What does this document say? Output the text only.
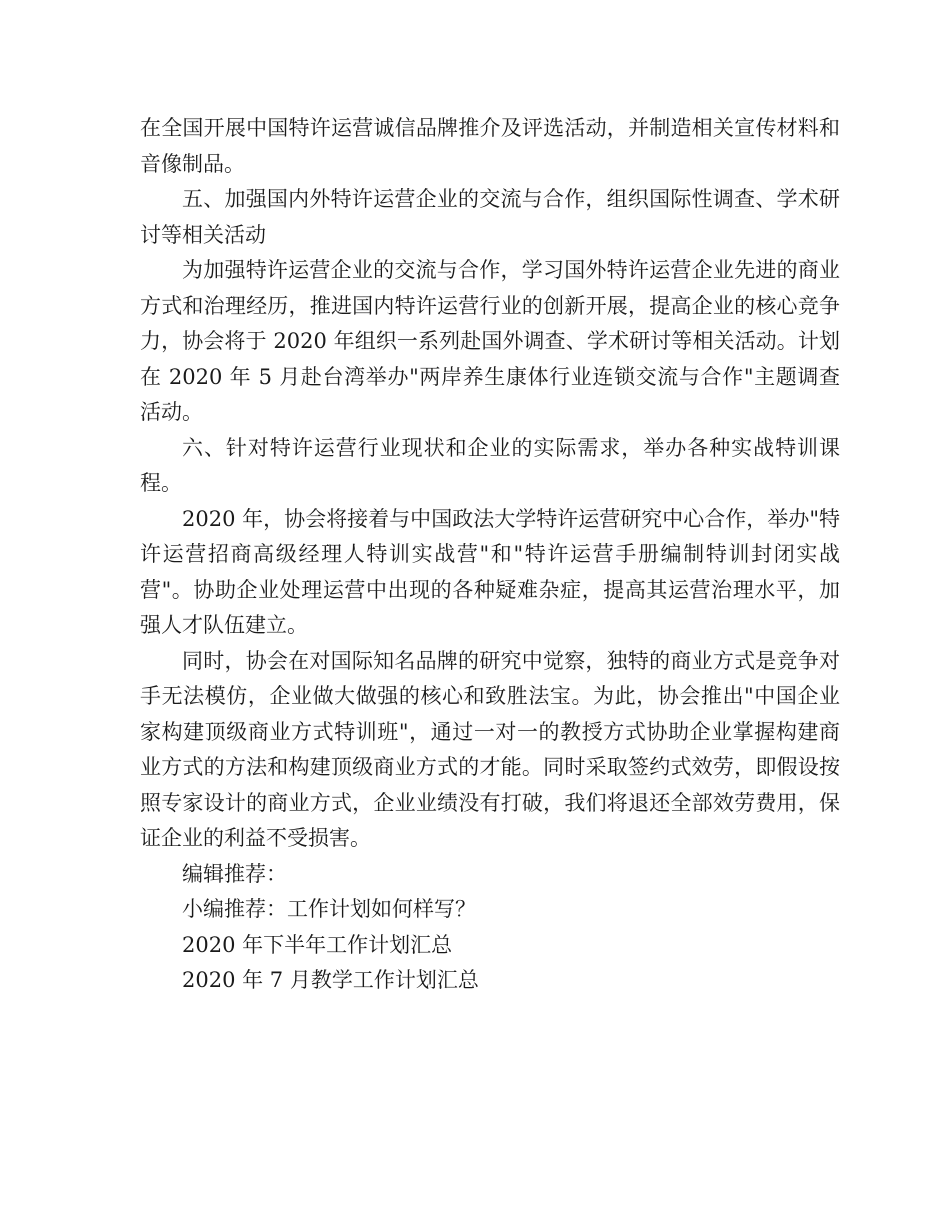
在全国开展中国特许运营诚信品牌推介及评选活动，并制造相关宣传材料和音像制品。

五、加强国内外特许运营企业的交流与合作，组织国际性调查、学术研讨等相关活动

为加强特许运营企业的交流与合作，学习国外特许运营企业先进的商业方式和治理经历，推进国内特许运营行业的创新开展，提高企业的核心竞争力，协会将于 2020 年组织一系列赴国外调查、学术研讨等相关活动。计划在 2020 年 5 月赴台湾举办"两岸养生康体行业连锁交流与合作"主题调查活动。

六、针对特许运营行业现状和企业的实际需求，举办各种实战特训课程。

2020 年，协会将接着与中国政法大学特许运营研究中心合作，举办"特许运营招商高级经理人特训实战营"和"特许运营手册编制特训封闭实战营"。协助企业处理运营中出现的各种疑难杂症，提高其运营治理水平，加强人才队伍建立。

同时，协会在对国际知名品牌的研究中觉察，独特的商业方式是竞争对手无法模仿，企业做大做强的核心和致胜法宝。为此，协会推出"中国企业家构建顶级商业方式特训班"，通过一对一的教授方式协助企业掌握构建商业方式的方法和构建顶级商业方式的才能。同时采取签约式效劳，即假设按照专家设计的商业方式，企业业绩没有打破，我们将退还全部效劳费用，保证企业的利益不受损害。

编辑推荐：

小编推荐：工作计划如何样写？

2020 年下半年工作计划汇总

2020 年 7 月教学工作计划汇总
